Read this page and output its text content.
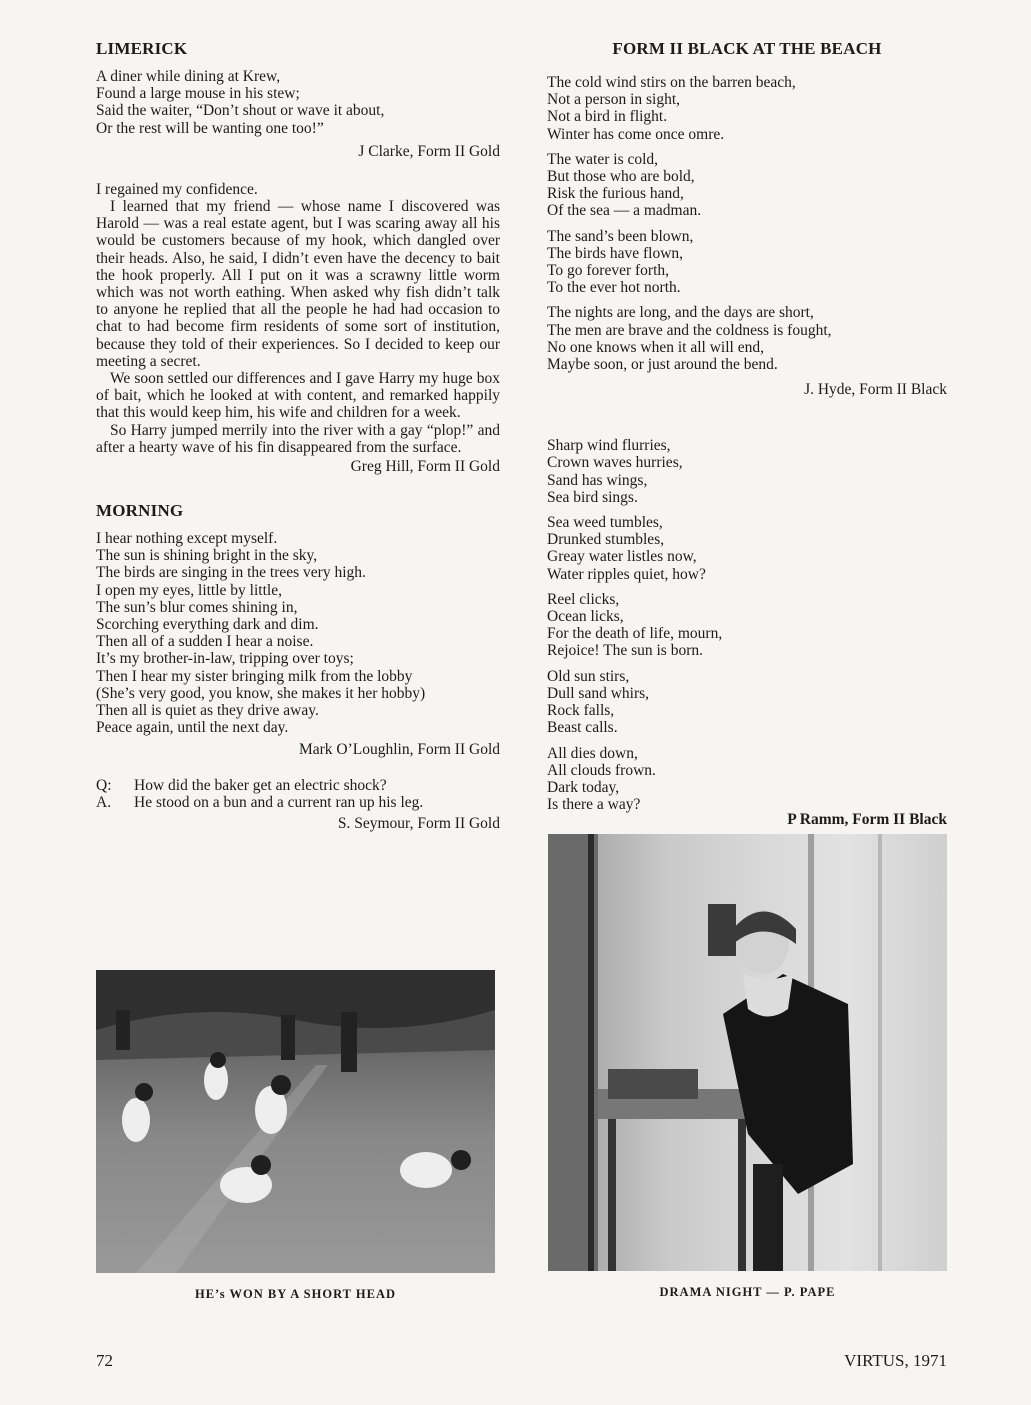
LIMERICK
A diner while dining at Krew,
Found a large mouse in his stew;
Said the waiter, “Don’t shout or wave it about,
Or the rest will be wanting one too!”
J Clarke, Form II Gold

I regained my confidence.

I learned that my friend — whose name I discovered was Harold — was a real estate agent, but I was scaring away all his would be customers because of my hook, which dangled over their heads. Also, he said, I didn’t even have the decency to bait the hook properly. All I put on it was a scrawny little worm which was not worth eathing. When asked why fish didn’t talk to anyone he replied that all the people he had had occasion to chat to had become firm residents of some sort of institution, because they told of their experiences. So I decided to keep our meeting a secret.

We soon settled our differences and I gave Harry my huge box of bait, which he looked at with content, and remarked happily that this would keep him, his wife and children for a week.

So Harry jumped merrily into the river with a gay “plop!” and after a hearty wave of his fin disappeared from the surface.

Greg Hill, Form II Gold
MORNING
I hear nothing except myself.
The sun is shining bright in the sky,
The birds are singing in the trees very high.
I open my eyes, little by little,
The sun’s blur comes shining in,
Scorching everything dark and dim.
Then all of a sudden I hear a noise.
It’s my brother-in-law, tripping over toys;
Then I hear my sister bringing milk from the lobby
(She’s very good, you know, she makes it her hobby)
Then all is quiet as they drive away.
Peace again, until the next day.
Mark O’Loughlin, Form II Gold
Q:	How did the baker get an electric shock?
A.	He stood on a bun and a current ran up his leg.
S. Seymour, Form II Gold
FORM II BLACK AT THE BEACH
The cold wind stirs on the barren beach,
Not a person in sight,
Not a bird in flight.
Winter has come once omre.
The water is cold,
But those who are bold,
Risk the furious hand,
Of the sea — a madman.
The sand’s been blown,
The birds have flown,
To go forever forth,
To the ever hot north.
The nights are long, and the days are short,
The men are brave and the coldness is fought,
No one knows when it all will end,
Maybe soon, or just around the bend.
J. Hyde, Form II Black
Sharp wind flurries,
Crown waves hurries,
Sand has wings,
Sea bird sings.
Sea weed tumbles,
Drunked stumbles,
Greay water listles now,
Water ripples quiet, how?
Reel clicks,
Ocean licks,
For the death of life, mourn,
Rejoice! The sun is born.
Old sun stirs,
Dull sand whirs,
Rock falls,
Beast calls.
All dies down,
All clouds frown.
Dark today,
Is there a way?
P Ramm, Form II Black
HE’s WON BY A SHORT HEAD	DRAMA NIGHT — P. PAPE
72	VIRTUS, 1971
